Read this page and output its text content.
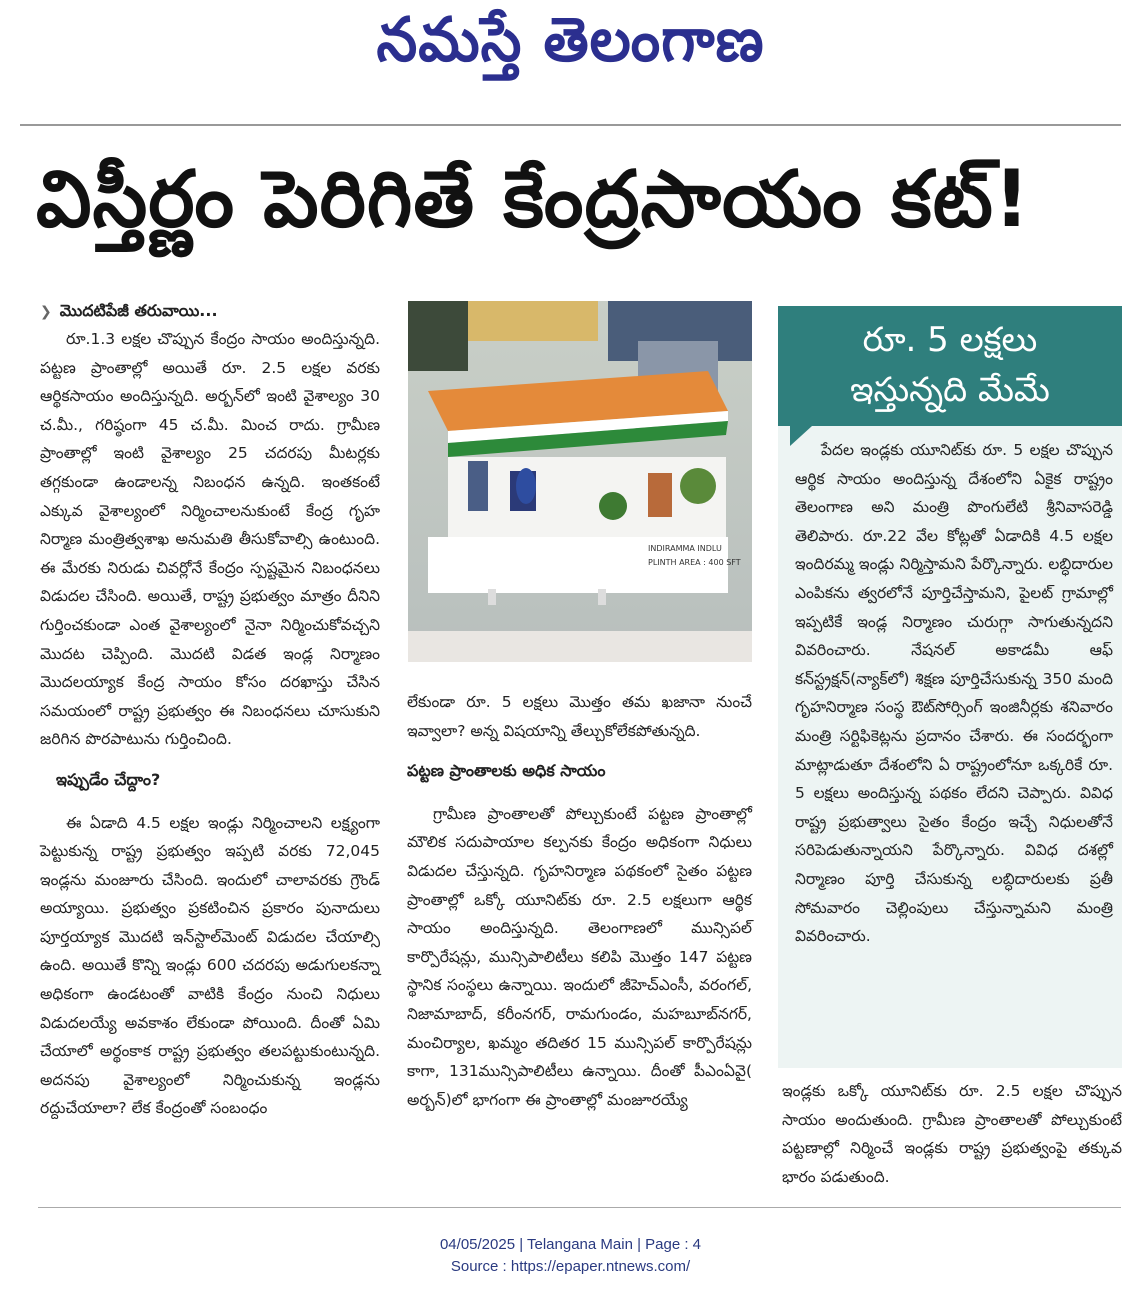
నమస్తే తెలంగాణ
విస్తీర్ణం పెరిగితే కేంద్రసాయం కట్!
❯ మొదటిపేజీ తరువాయి...

రూ.1.3 లక్షల చొప్పున కేంద్రం సాయం అందిస్తున్నది. పట్టణ ప్రాంతాల్లో అయితే రూ. 2.5 లక్షల వరకు ఆర్థికసాయం అందిస్తున్నది. అర్బన్‌లో ఇంటి వైశాల్యం 30 చ.మీ., గరిష్ఠంగా 45 చ.మీ. మించ రాదు. గ్రామీణ ప్రాంతాల్లో ఇంటి వైశాల్యం 25 చదరపు మీటర్లకు తగ్గకుండా ఉండాలన్న నిబంధన ఉన్నది. ఇంతకంటే ఎక్కువ వైశాల్యంలో నిర్మించాలనుకుంటే కేంద్ర గృహ నిర్మాణ మంత్రిత్వశాఖ అనుమతి తీసుకోవాల్సి ఉంటుంది. ఈ మేరకు నిరుడు చివర్లోనే కేంద్రం స్పష్టమైన నిబంధనలు విడుదల చేసింది. అయితే, రాష్ట్ర ప్రభుత్వం మాత్రం దీనిని గుర్తించకుండా ఎంత వైశాల్యంలో నైనా నిర్మించుకోవచ్చని మొదట చెప్పింది. మొదటి విడత ఇండ్ల నిర్మాణం మొదలయ్యాక కేంద్ర సాయం కోసం దరఖాస్తు చేసిన సమయంలో రాష్ట్ర ప్రభుత్వం ఈ నిబంధనలు చూసుకుని జరిగిన పొరపాటును గుర్తించింది.

ఇప్పుడేం చేద్దాం?

ఈ ఏడాది 4.5 లక్షల ఇండ్లు నిర్మించాలని లక్ష్యంగా పెట్టుకున్న రాష్ట్ర ప్రభుత్వం ఇప్పటి వరకు 72,045 ఇండ్లను మంజూరు చేసింది. ఇందులో చాలావరకు గ్రౌండ్ అయ్యాయి. ప్రభుత్వం ప్రకటించిన ప్రకారం పునాదులు పూర్తయ్యాక మొదటి ఇన్‌స్టాల్‌మెంట్ విడుదల చేయాల్సి ఉంది. అయితే కొన్ని ఇండ్లు 600 చదరపు అడుగులకన్నా అధికంగా ఉండటంతో వాటికి కేంద్రం నుంచి నిధులు విడుదలయ్యే అవకాశం లేకుండా పోయింది. దీంతో ఏమి చేయాలో అర్థంకాక రాష్ట్ర ప్రభుత్వం తలపట్టుకుంటున్నది. అదనపు వైశాల్యంలో నిర్మించుకున్న ఇండ్లను రద్దుచేయాలా? లేక కేంద్రంతో సంబంధం

INDIRAMMA INDLU
PLINTH AREA : 400 SFT

లేకుండా రూ. 5 లక్షలు మొత్తం తమ ఖజానా నుంచే ఇవ్వాలా? అన్న విషయాన్ని తేల్చుకోలేకపోతున్నది.

పట్టణ ప్రాంతాలకు అధిక సాయం

గ్రామీణ ప్రాంతాలతో పోల్చుకుంటే పట్టణ ప్రాంతాల్లో మౌలిక సదుపాయాల కల్పనకు కేంద్రం అధికంగా నిధులు విడుదల చేస్తున్నది. గృహనిర్మాణ పథకంలో సైతం పట్టణ ప్రాంతాల్లో ఒక్కో యూనిట్‌కు రూ. 2.5 లక్షలుగా ఆర్థిక సాయం అందిస్తున్నది. తెలంగాణలో మున్సిపల్ కార్పొరేషన్లు, మున్సిపాలిటీలు కలిపి మొత్తం 147 పట్టణ స్థానిక సంస్థలు ఉన్నాయి. ఇందులో జీహెచ్ఎంసీ, వరంగల్, నిజామాబాద్, కరీంనగర్, రామగుండం, మహబూబ్‌నగర్, మంచిర్యాల, ఖమ్మం తదితర 15 మున్సిపల్ కార్పొరేషన్లు కాగా, 131మున్సిపాలిటీలు ఉన్నాయి. దీంతో పీఎంఏవై( అర్బన్)లో భాగంగా ఈ ప్రాంతాల్లో మంజూరయ్యే

రూ. 5 లక్షలు
ఇస్తున్నది మేమే

పేదల ఇండ్లకు యూనిట్‌కు రూ. 5 లక్షల చొప్పున ఆర్థిక సాయం అందిస్తున్న దేశంలోని ఏకైక రాష్ట్రం తెలంగాణ అని మంత్రి పొంగులేటి శ్రీనివాసరెడ్డి తెలిపారు. రూ.22 వేల కోట్లతో ఏడాదికి 4.5 లక్షల ఇందిరమ్మ ఇండ్లు నిర్మిస్తామని పేర్కొన్నారు. లబ్ధిదారుల ఎంపికను త్వరలోనే పూర్తిచేస్తామని, పైలట్ గ్రామాల్లో ఇప్పటికే ఇండ్ల నిర్మాణం చురుగ్గా సాగుతున్నదని వివరించారు. నేషనల్ అకాడమీ ఆఫ్ కన్‌స్ట్రక్షన్(న్యాక్‌లో) శిక్షణ పూర్తిచేసుకున్న 350 మంది గృహనిర్మాణ సంస్థ ఔట్‌సోర్సింగ్ ఇంజినీర్లకు శనివారం మంత్రి సర్టిఫికెట్లను ప్రదానం చేశారు. ఈ సందర్భంగా మాట్లాడుతూ దేశంలోని ఏ రాష్ట్రంలోనూ ఒక్కరికే రూ. 5 లక్షలు అందిస్తున్న పథకం లేదని చెప్పారు. వివిధ రాష్ట్ర ప్రభుత్వాలు సైతం కేంద్రం ఇచ్చే నిధులతోనే సరిపెడుతున్నాయని పేర్కొన్నారు. వివిధ దశల్లో నిర్మాణం పూర్తి చేసుకున్న లబ్ధిదారులకు ప్రతీ సోమవారం చెల్లింపులు చేస్తున్నామని మంత్రి వివరించారు.

ఇండ్లకు ఒక్కో యూనిట్‌కు రూ. 2.5 లక్షల చొప్పున సాయం అందుతుంది. గ్రామీణ ప్రాంతాలతో పోల్చుకుంటే పట్టణాల్లో నిర్మించే ఇండ్లకు రాష్ట్ర ప్రభుత్వంపై తక్కువ భారం పడుతుంది.

04/05/2025 | Telangana Main | Page : 4
Source : https://epaper.ntnews.com/
